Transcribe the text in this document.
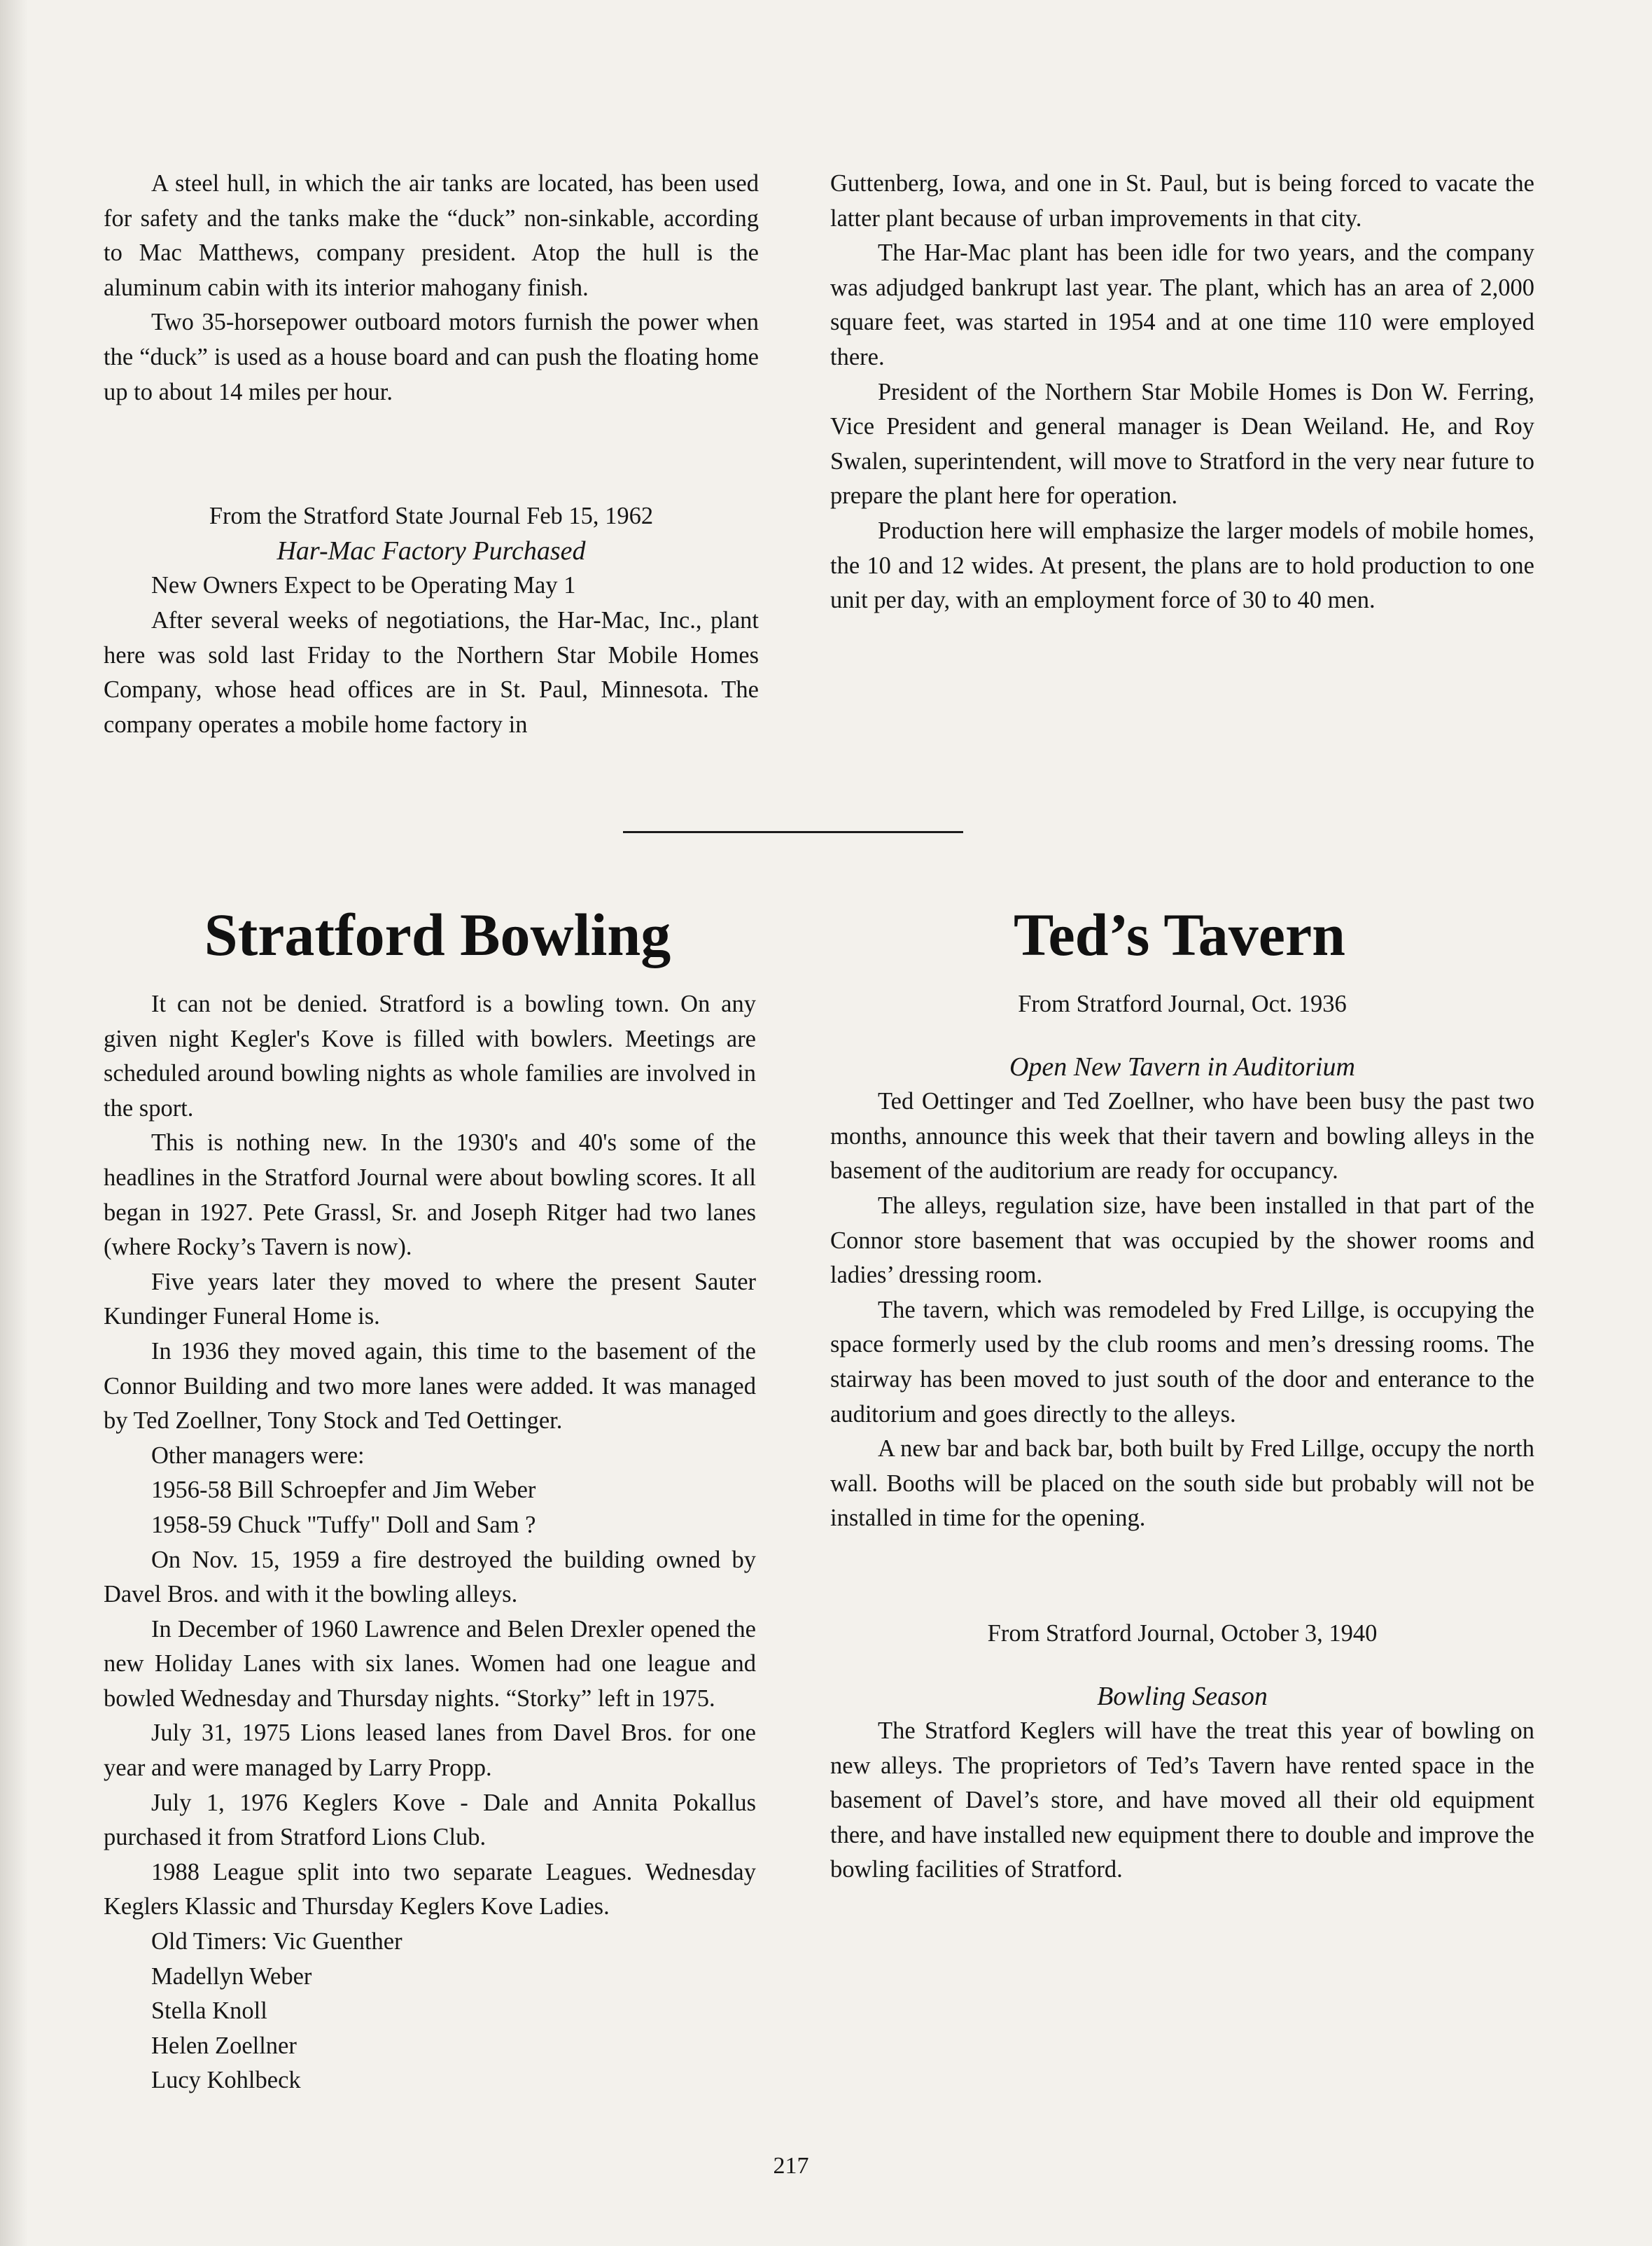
A steel hull, in which the air tanks are located, has been used for safety and the tanks make the “duck” non-sinkable, according to Mac Matthews, company president. Atop the hull is the aluminum cabin with its interior mahogany finish.

Two 35-horsepower outboard motors furnish the power when the “duck” is used as a house board and can push the floating home up to about 14 miles per hour.

From the Stratford State Journal Feb 15, 1962

Har-Mac Factory Purchased

New Owners Expect to be Operating May 1

After several weeks of negotiations, the Har-Mac, Inc., plant here was sold last Friday to the Northern Star Mobile Homes Company, whose head offices are in St. Paul, Minnesota. The company operates a mobile home factory in

Guttenberg, Iowa, and one in St. Paul, but is being forced to vacate the latter plant because of urban improvements in that city.

The Har-Mac plant has been idle for two years, and the company was adjudged bankrupt last year. The plant, which has an area of 2,000 square feet, was started in 1954 and at one time 110 were employed there.

President of the Northern Star Mobile Homes is Don W. Ferring, Vice President and general manager is Dean Weiland. He, and Roy Swalen, superintendent, will move to Stratford in the very near future to prepare the plant here for operation.

Production here will emphasize the larger models of mobile homes, the 10 and 12 wides. At present, the plans are to hold production to one unit per day, with an employment force of 30 to 40 men.

Stratford Bowling	Ted’s Tavern

It can not be denied. Stratford is a bowling town. On any given night Kegler's Kove is filled with bowlers. Meetings are scheduled around bowling nights as whole families are involved in the sport.

This is nothing new. In the 1930's and 40's some of the headlines in the Stratford Journal were about bowling scores. It all began in 1927. Pete Grassl, Sr. and Joseph Ritger had two lanes (where Rocky’s Tavern is now).

Five years later they moved to where the present Sauter Kundinger Funeral Home is.

In 1936 they moved again, this time to the basement of the Connor Building and two more lanes were added. It was managed by Ted Zoellner, Tony Stock and Ted Oettinger.

Other managers were:

1956-58 Bill Schroepfer and Jim Weber

1958-59 Chuck "Tuffy" Doll and Sam ?

On Nov. 15, 1959 a fire destroyed the building owned by Davel Bros. and with it the bowling alleys.

In December of 1960 Lawrence and Belen Drexler opened the new Holiday Lanes with six lanes. Women had one league and bowled Wednesday and Thursday nights. “Storky” left in 1975.

July 31, 1975 Lions leased lanes from Davel Bros. for one year and were managed by Larry Propp.

July 1, 1976 Keglers Kove - Dale and Annita Pokallus purchased it from Stratford Lions Club.

1988 League split into two separate Leagues. Wednesday Keglers Klassic and Thursday Keglers Kove Ladies.

Old Timers: Vic Guenther

Madellyn Weber

Stella Knoll

Helen Zoellner

Lucy Kohlbeck

From Stratford Journal, Oct. 1936

Open New Tavern in Auditorium

Ted Oettinger and Ted Zoellner, who have been busy the past two months, announce this week that their tavern and bowling alleys in the basement of the auditorium are ready for occupancy.

The alleys, regulation size, have been installed in that part of the Connor store basement that was occupied by the shower rooms and ladies’ dressing room.

The tavern, which was remodeled by Fred Lillge, is occupying the space formerly used by the club rooms and men’s dressing rooms. The stairway has been moved to just south of the door and enterance to the auditorium and goes directly to the alleys.

A new bar and back bar, both built by Fred Lillge, occupy the north wall. Booths will be placed on the south side but probably will not be installed in time for the opening.

From Stratford Journal, October 3, 1940

Bowling Season

The Stratford Keglers will have the treat this year of bowling on new alleys. The proprietors of Ted’s Tavern have rented space in the basement of Davel’s store, and have moved all their old equipment there, and have installed new equipment there to double and improve the bowling facilities of Stratford.

217
